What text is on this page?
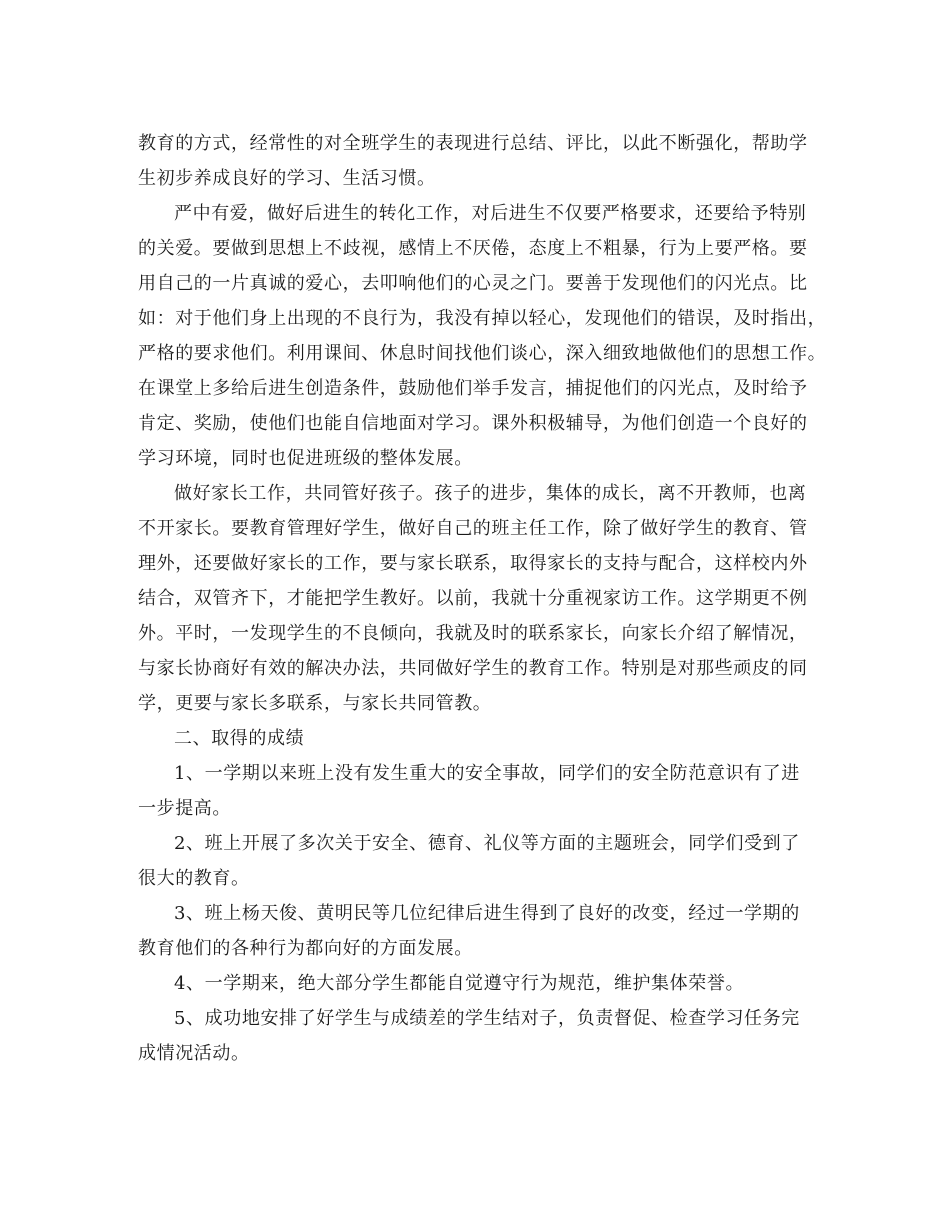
教育的方式，经常性的对全班学生的表现进行总结、评比，以此不断强化，帮助学
生初步养成良好的学习、生活习惯。
严中有爱，做好后进生的转化工作，对后进生不仅要严格要求，还要给予特别
的关爱。要做到思想上不歧视，感情上不厌倦，态度上不粗暴，行为上要严格。要
用自己的一片真诚的爱心，去叩响他们的心灵之门。要善于发现他们的闪光点。比
如：对于他们身上出现的不良行为，我没有掉以轻心，发现他们的错误，及时指出，
严格的要求他们。利用课间、休息时间找他们谈心，深入细致地做他们的思想工作。
在课堂上多给后进生创造条件，鼓励他们举手发言，捕捉他们的闪光点，及时给予
肯定、奖励，使他们也能自信地面对学习。课外积极辅导，为他们创造一个良好的
学习环境，同时也促进班级的整体发展。
做好家长工作，共同管好孩子。孩子的进步，集体的成长，离不开教师，也离
不开家长。要教育管理好学生，做好自己的班主任工作，除了做好学生的教育、管
理外，还要做好家长的工作，要与家长联系，取得家长的支持与配合，这样校内外
结合，双管齐下，才能把学生教好。以前，我就十分重视家访工作。这学期更不例
外。平时，一发现学生的不良倾向，我就及时的联系家长，向家长介绍了解情况，
与家长协商好有效的解决办法，共同做好学生的教育工作。特别是对那些顽皮的同
学，更要与家长多联系，与家长共同管教。
二、取得的成绩
1、一学期以来班上没有发生重大的安全事故，同学们的安全防范意识有了进
一步提高。
2、班上开展了多次关于安全、德育、礼仪等方面的主题班会，同学们受到了
很大的教育。
3、班上杨天俊、黄明民等几位纪律后进生得到了良好的改变，经过一学期的
教育他们的各种行为都向好的方面发展。
4、一学期来，绝大部分学生都能自觉遵守行为规范，维护集体荣誉。
5、成功地安排了好学生与成绩差的学生结对子，负责督促、检查学习任务完
成情况活动。
